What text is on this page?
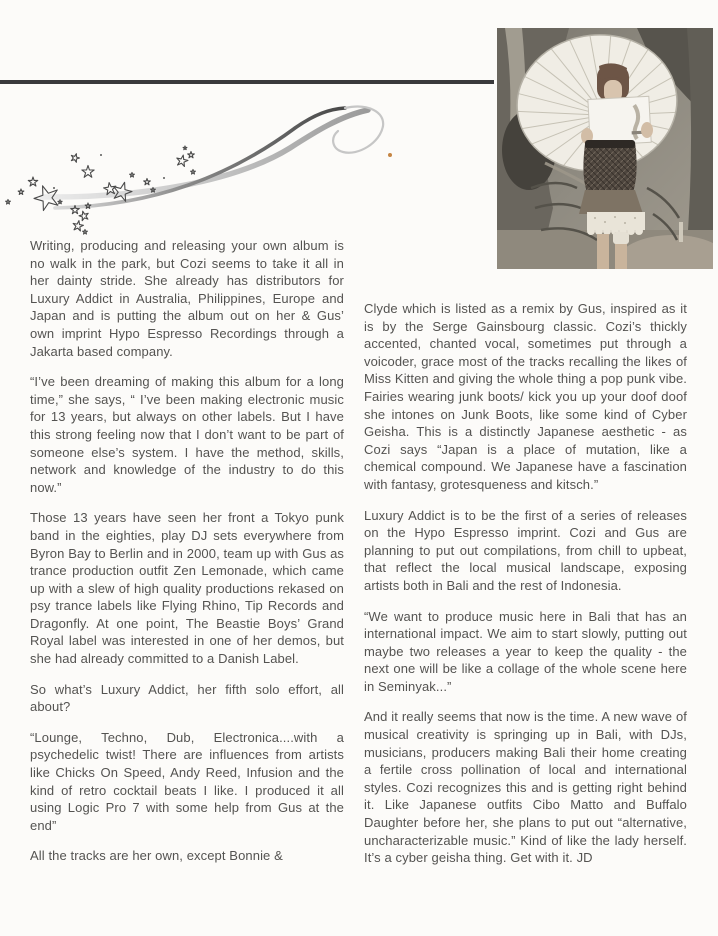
Writing, producing and releasing your own album is no walk in the park, but Cozi seems to take it all in her dainty stride. She already has distributors for Luxury Addict in Australia, Philippines, Europe and Japan and is putting the album out on her & Gus’ own imprint Hypo Espresso Recordings through a Jakarta based company.

“I’ve been dreaming of making this album for a long time,” she says, “ I’ve been making electronic music for 13 years, but always on other labels. But I have this strong feeling now that I don’t want to be part of someone else’s system. I have the method, skills, network and knowledge of the industry to do this now.”

Those 13 years have seen her front a Tokyo punk band in the eighties, play DJ sets everywhere from Byron Bay to Berlin and in 2000, team up with Gus as trance production outfit Zen Lemonade, which came up with a slew of high quality productions rekased on psy trance labels like Flying Rhino, Tip Records and Dragonfly. At one point, The Beastie Boys’ Grand Royal label was interested in one of her demos, but she had already committed to a Danish Label.

So what’s Luxury Addict, her fifth solo effort, all about?

“Lounge, Techno, Dub, Electronica....with a psychedelic twist! There are influences from artists like Chicks On Speed, Andy Reed, Infusion and the kind of retro cocktail beats I like. I produced it all using Logic Pro 7 with some help from Gus at the end”

All the tracks are her own, except Bonnie &

Clyde which is listed as a remix by Gus, inspired as it is by the Serge Gainsbourg classic. Cozi’s thickly accented, chanted vocal, sometimes put through a voicoder, grace most of the tracks recalling the likes of Miss Kitten and giving the whole thing a pop punk vibe. Fairies wearing junk boots/ kick you up your doof doof she intones on Junk Boots, like some kind of Cyber Geisha. This is a distinctly Japanese aesthetic - as Cozi says “Japan is a place of mutation, like a chemical compound. We Japanese have a fascination with fantasy, grotesqueness and kitsch.”

Luxury Addict is to be the first of a series of releases on the Hypo Espresso imprint. Cozi and Gus are planning to put out compilations, from chill to upbeat, that reflect the local musical landscape, exposing artists both in Bali and the rest of Indonesia.

“We want to produce music here in Bali that has an international impact. We aim to start slowly, putting out maybe two releases a year to keep the quality - the next one will be like a collage of the whole scene here in Seminyak...”

And it really seems that now is the time. A new wave of musical creativity is springing up in Bali, with DJs, musicians, producers making Bali their home creating a fertile cross pollination of local and international styles. Cozi recognizes this and is getting right behind it. Like Japanese outfits Cibo Matto and Buffalo Daughter before her, she plans to put out “alternative, uncharacterizable music.” Kind of like the lady herself. It’s a cyber geisha thing. Get with it. JD
